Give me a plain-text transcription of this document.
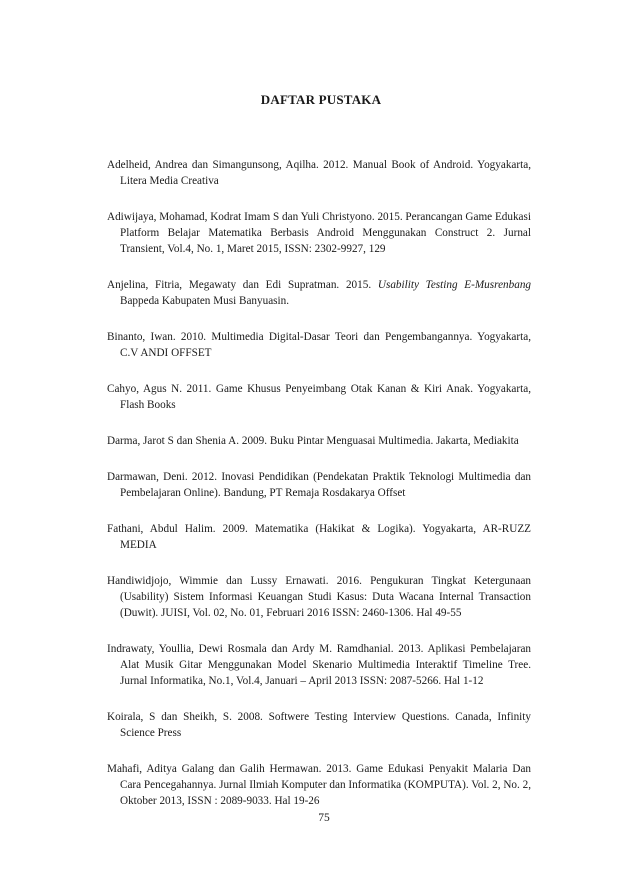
DAFTAR PUSTAKA

Adelheid, Andrea dan Simangunsong, Aqilha. 2012. Manual Book of Android. Yogyakarta, Litera Media Creativa

Adiwijaya, Mohamad, Kodrat Imam S dan Yuli Christyono. 2015. Perancangan Game Edukasi Platform Belajar Matematika Berbasis Android Menggunakan Construct 2. Jurnal Transient, Vol.4, No. 1, Maret 2015, ISSN: 2302-9927, 129

Anjelina, Fitria, Megawaty dan Edi Supratman. 2015. Usability Testing E-Musrenbang Bappeda Kabupaten Musi Banyuasin.

Binanto, Iwan. 2010. Multimedia Digital-Dasar Teori dan Pengembangannya. Yogyakarta, C.V ANDI OFFSET

Cahyo, Agus N. 2011. Game Khusus Penyeimbang Otak Kanan & Kiri Anak. Yogyakarta, Flash Books

Darma, Jarot S dan Shenia A. 2009. Buku Pintar Menguasai Multimedia. Jakarta, Mediakita

Darmawan, Deni. 2012. Inovasi Pendidikan (Pendekatan Praktik Teknologi Multimedia dan Pembelajaran Online). Bandung, PT Remaja Rosdakarya Offset

Fathani, Abdul Halim. 2009. Matematika (Hakikat & Logika). Yogyakarta, AR-RUZZ MEDIA

Handiwidjojo, Wimmie dan Lussy Ernawati. 2016. Pengukuran Tingkat Ketergunaan (Usability) Sistem Informasi Keuangan Studi Kasus: Duta Wacana Internal Transaction (Duwit). JUISI, Vol. 02, No. 01, Februari 2016 ISSN: 2460-1306. Hal 49-55

Indrawaty, Youllia, Dewi Rosmala dan Ardy M. Ramdhanial. 2013. Aplikasi Pembelajaran Alat Musik Gitar Menggunakan Model Skenario Multimedia Interaktif Timeline Tree. Jurnal Informatika, No.1, Vol.4, Januari – April 2013 ISSN: 2087-5266. Hal 1-12

Koirala, S dan Sheikh, S. 2008. Softwere Testing Interview Questions. Canada, Infinity Science Press

Mahafi, Aditya Galang dan Galih Hermawan. 2013. Game Edukasi Penyakit Malaria Dan Cara Pencegahannya. Jurnal Ilmiah Komputer dan Informatika (KOMPUTA). Vol. 2, No. 2, Oktober 2013, ISSN : 2089-9033. Hal 19-26

75
